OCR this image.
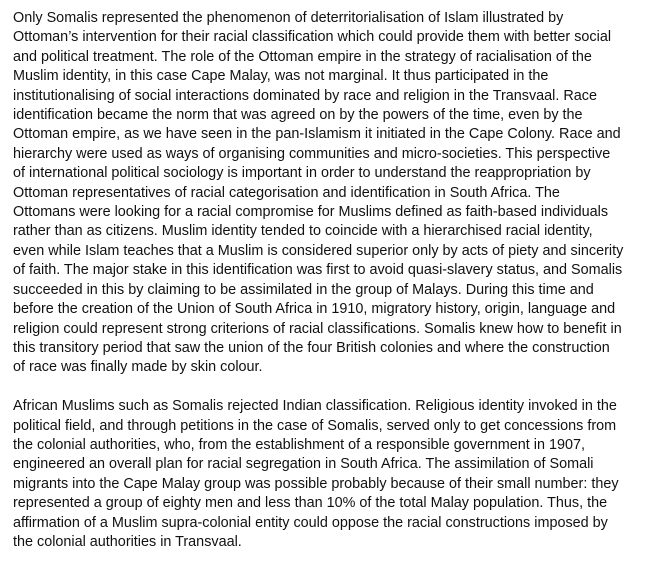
Only Somalis represented the phenomenon of deterritorialisation of Islam illustrated by
Ottoman’s intervention for their racial classification which could provide them with better social
and political treatment. The role of the Ottoman empire in the strategy of racialisation of the
Muslim identity, in this case Cape Malay, was not marginal. It thus participated in the
institutionalising of social interactions dominated by race and religion in the Transvaal. Race
identification became the norm that was agreed on by the powers of the time, even by the
Ottoman empire, as we have seen in the pan-Islamism it initiated in the Cape Colony. Race and
hierarchy were used as ways of organising communities and micro-societies. This perspective
of international political sociology is important in order to understand the reappropriation by
Ottoman representatives of racial categorisation and identification in South Africa. The
Ottomans were looking for a racial compromise for Muslims defined as faith-based individuals
rather than as citizens. Muslim identity tended to coincide with a hierarchised racial identity,
even while Islam teaches that a Muslim is considered superior only by acts of piety and sincerity
of faith. The major stake in this identification was first to avoid quasi-slavery status, and Somalis
succeeded in this by claiming to be assimilated in the group of Malays. During this time and
before the creation of the Union of South Africa in 1910, migratory history, origin, language and
religion could represent strong criterions of racial classifications. Somalis knew how to benefit in
this transitory period that saw the union of the four British colonies and where the construction
of race was finally made by skin colour.
African Muslims such as Somalis rejected Indian classification. Religious identity invoked in the
political field, and through petitions in the case of Somalis, served only to get concessions from
the colonial authorities, who, from the establishment of a responsible government in 1907,
engineered an overall plan for racial segregation in South Africa. The assimilation of Somali
migrants into the Cape Malay group was possible probably because of their small number: they
represented a group of eighty men and less than 10% of the total Malay population. Thus, the
affirmation of a Muslim supra-colonial entity could oppose the racial constructions imposed by
the colonial authorities in Transvaal.
